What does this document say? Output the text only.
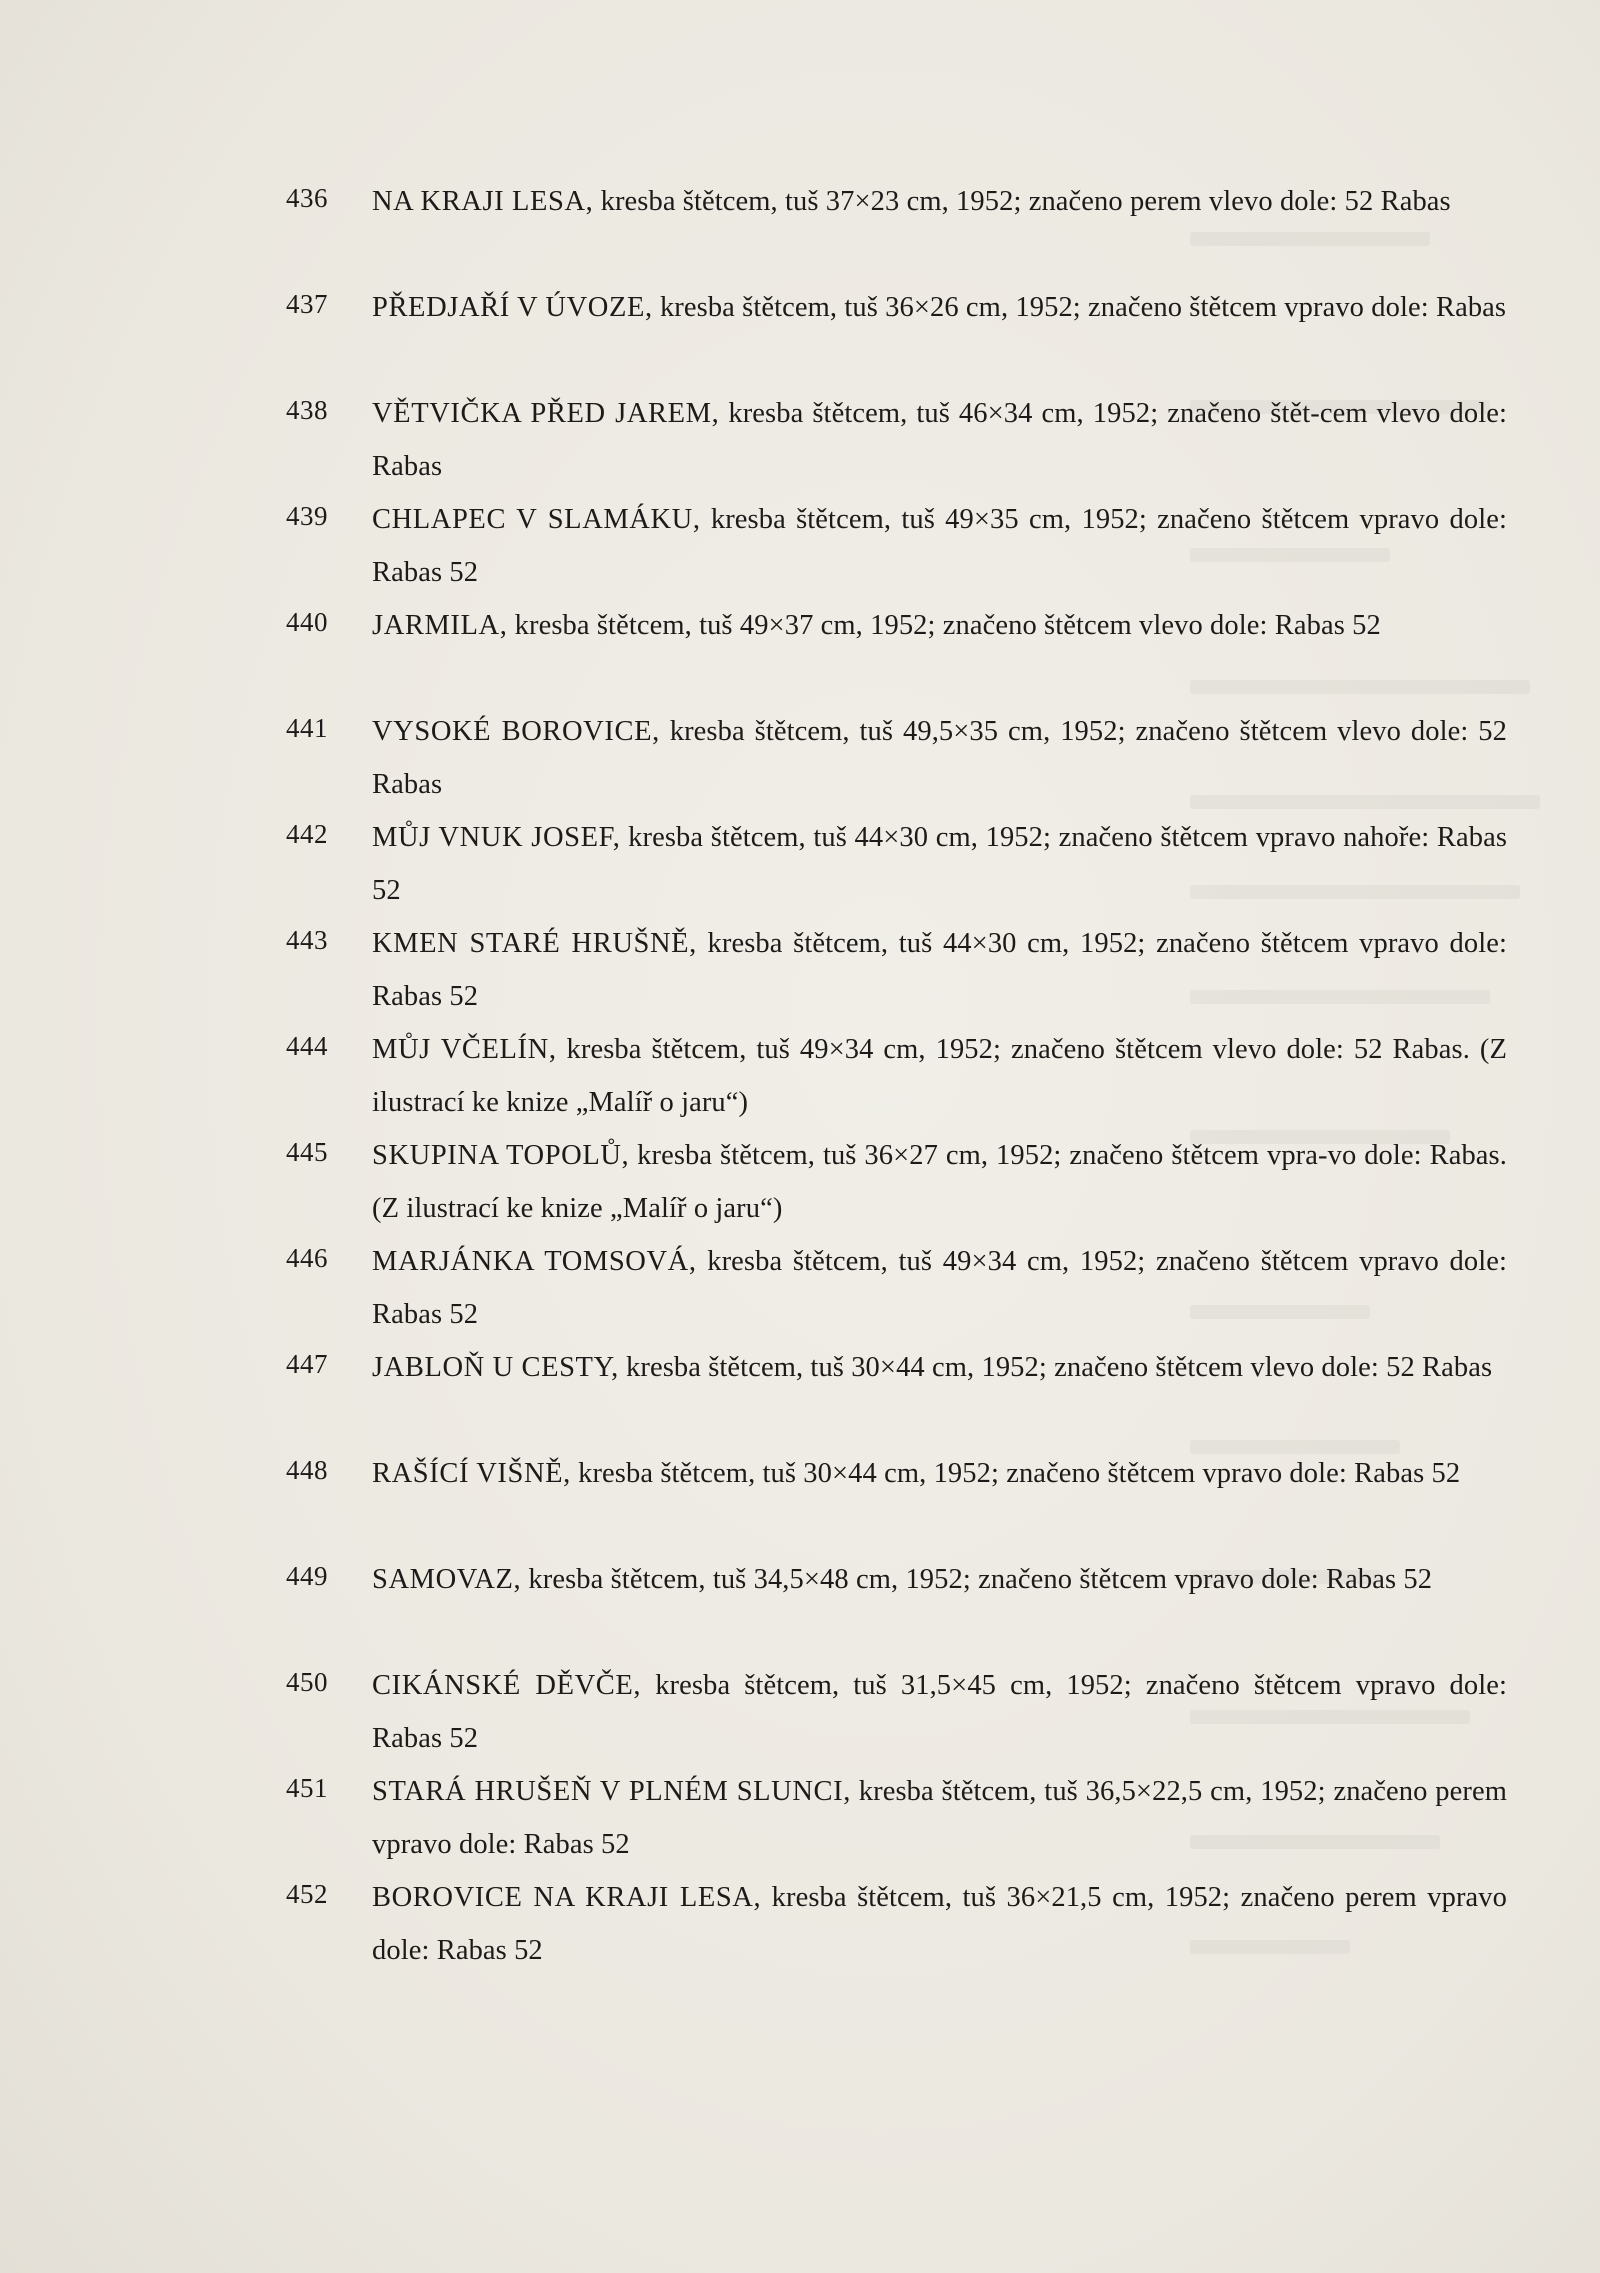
436	NA KRAJI LESA, kresba štětcem, tuš 37×23 cm, 1952; značeno perem vlevo dole: 52 Rabas
437	PŘEDJAŘÍ V ÚVOZE, kresba štětcem, tuš 36×26 cm, 1952; značeno štětcem vpravo dole: Rabas
438	VĚTVIČKA PŘED JAREM, kresba štětcem, tuš 46×34 cm, 1952; značeno štět-cem vlevo dole: Rabas
439	CHLAPEC V SLAMÁKU, kresba štětcem, tuš 49×35 cm, 1952; značeno štětcem vpravo dole: Rabas 52
440	JARMILA, kresba štětcem, tuš 49×37 cm, 1952; značeno štětcem vlevo dole: Rabas 52
441	VYSOKÉ BOROVICE, kresba štětcem, tuš 49,5×35 cm, 1952; značeno štětcem vlevo dole: 52 Rabas
442	MŮJ VNUK JOSEF, kresba štětcem, tuš 44×30 cm, 1952; značeno štětcem vpravo nahoře: Rabas 52
443	KMEN STARÉ HRUŠNĚ, kresba štětcem, tuš 44×30 cm, 1952; značeno štětcem vpravo dole: Rabas 52
444	MŮJ VČELÍN, kresba štětcem, tuš 49×34 cm, 1952; značeno štětcem vlevo dole: 52 Rabas. (Z ilustrací ke knize „Malíř o jaru“)
445	SKUPINA TOPOLŮ, kresba štětcem, tuš 36×27 cm, 1952; značeno štětcem vpra-vo dole: Rabas. (Z ilustrací ke knize „Malíř o jaru“)
446	MARJÁNKA TOMSOVÁ, kresba štětcem, tuš 49×34 cm, 1952; značeno štětcem vpravo dole: Rabas 52
447	JABLOŇ U CESTY, kresba štětcem, tuš 30×44 cm, 1952; značeno štětcem vlevo dole: 52 Rabas
448	RAŠÍCÍ VIŠNĚ, kresba štětcem, tuš 30×44 cm, 1952; značeno štětcem vpravo dole: Rabas 52
449	SAMOVAZ, kresba štětcem, tuš 34,5×48 cm, 1952; značeno štětcem vpravo dole: Rabas 52
450	CIKÁNSKÉ DĚVČE, kresba štětcem, tuš 31,5×45 cm, 1952; značeno štětcem vpravo dole: Rabas 52
451	STARÁ HRUŠEŇ V PLNÉM SLUNCI, kresba štětcem, tuš 36,5×22,5 cm, 1952; značeno perem vpravo dole: Rabas 52
452	BOROVICE NA KRAJI LESA, kresba štětcem, tuš 36×21,5 cm, 1952; značeno perem vpravo dole: Rabas 52
